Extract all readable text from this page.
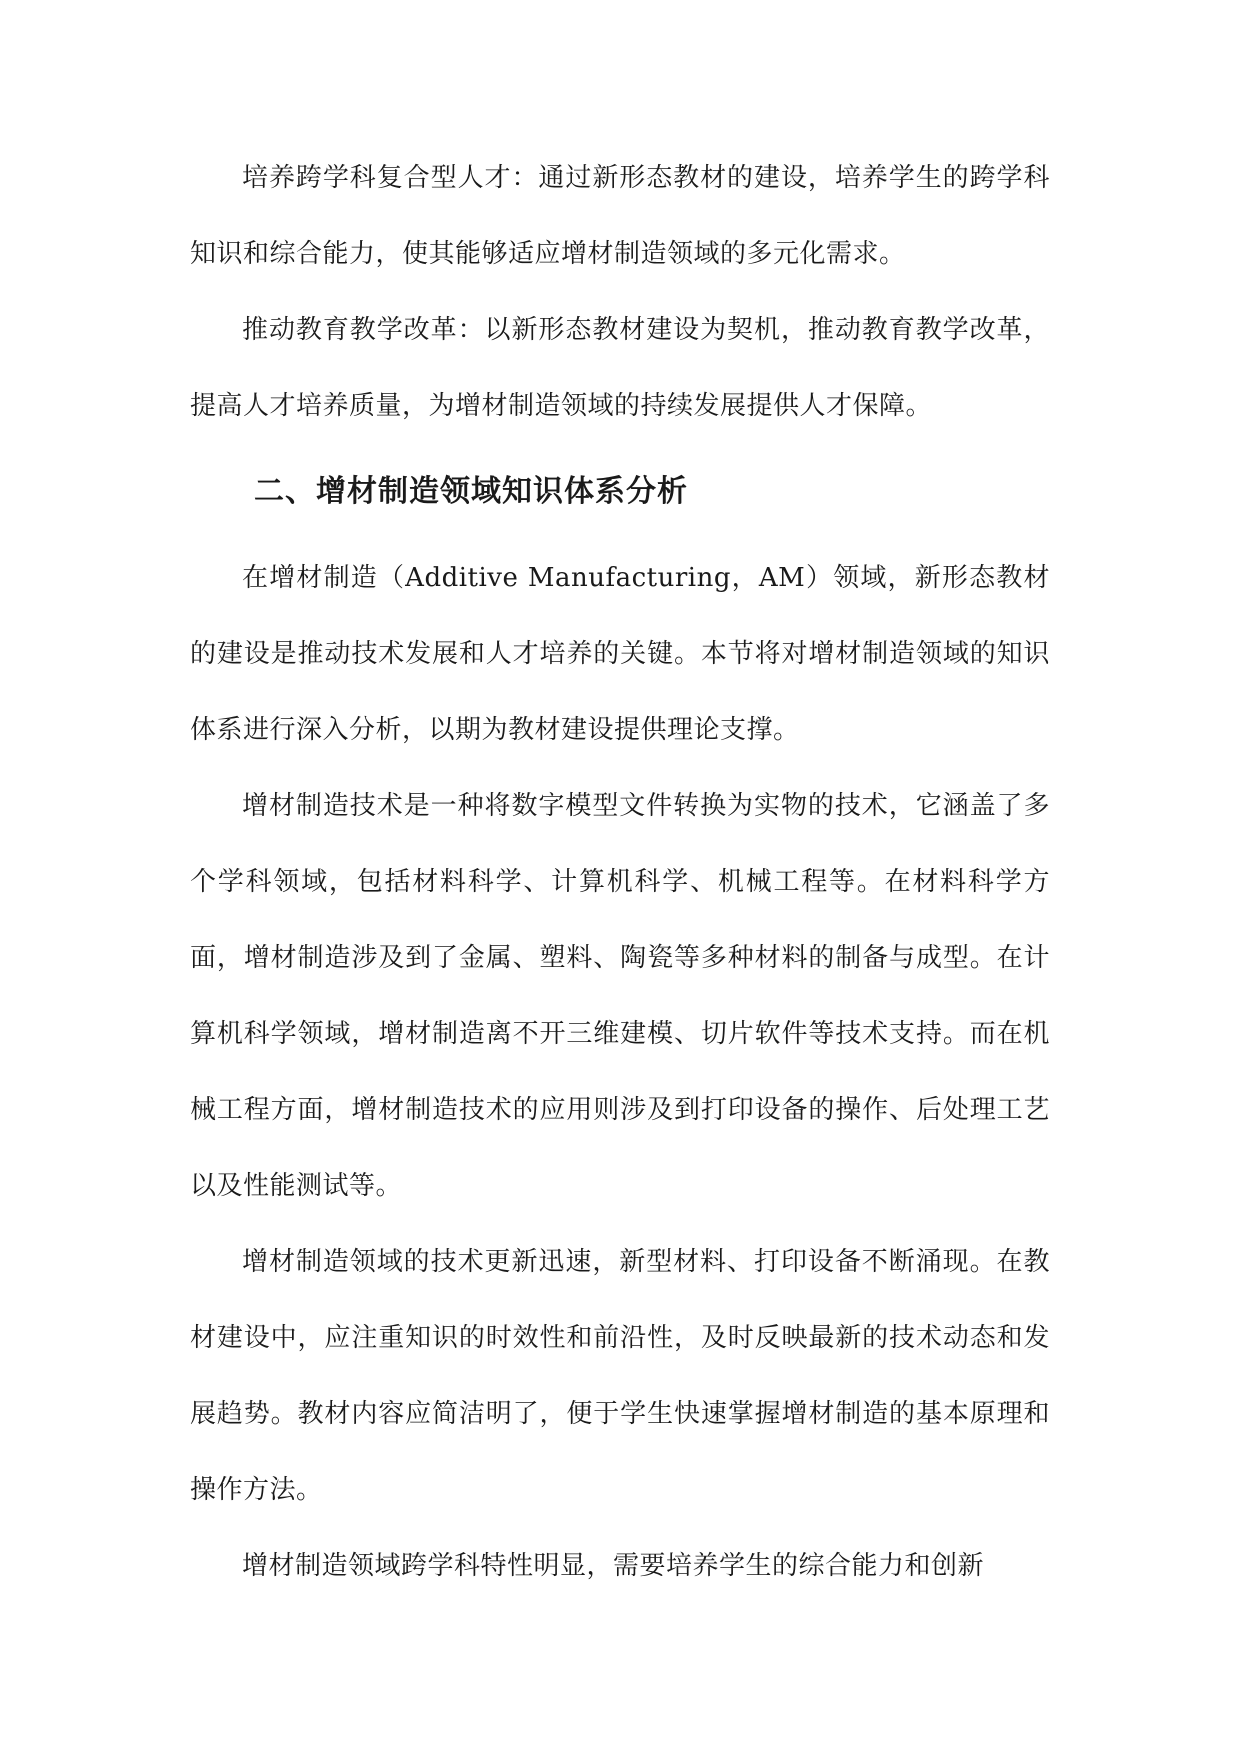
培养跨学科复合型人才：通过新形态教材的建设，培养学生的跨学科知识和综合能力，使其能够适应增材制造领域的多元化需求。

推动教育教学改革：以新形态教材建设为契机，推动教育教学改革，提高人才培养质量，为增材制造领域的持续发展提供人才保障。

二、增材制造领域知识体系分析

在增材制造（Additive Manufacturing，AM）领域，新形态教材的建设是推动技术发展和人才培养的关键。本节将对增材制造领域的知识体系进行深入分析，以期为教材建设提供理论支撑。

增材制造技术是一种将数字模型文件转换为实物的技术，它涵盖了多个学科领域，包括材料科学、计算机科学、机械工程等。在材料科学方面，增材制造涉及到了金属、塑料、陶瓷等多种材料的制备与成型。在计算机科学领域，增材制造离不开三维建模、切片软件等技术支持。而在机械工程方面，增材制造技术的应用则涉及到打印设备的操作、后处理工艺以及性能测试等。

增材制造领域的技术更新迅速，新型材料、打印设备不断涌现。在教材建设中，应注重知识的时效性和前沿性，及时反映最新的技术动态和发展趋势。教材内容应简洁明了，便于学生快速掌握增材制造的基本原理和操作方法。

增材制造领域跨学科特性明显，需要培养学生的综合能力和创新
